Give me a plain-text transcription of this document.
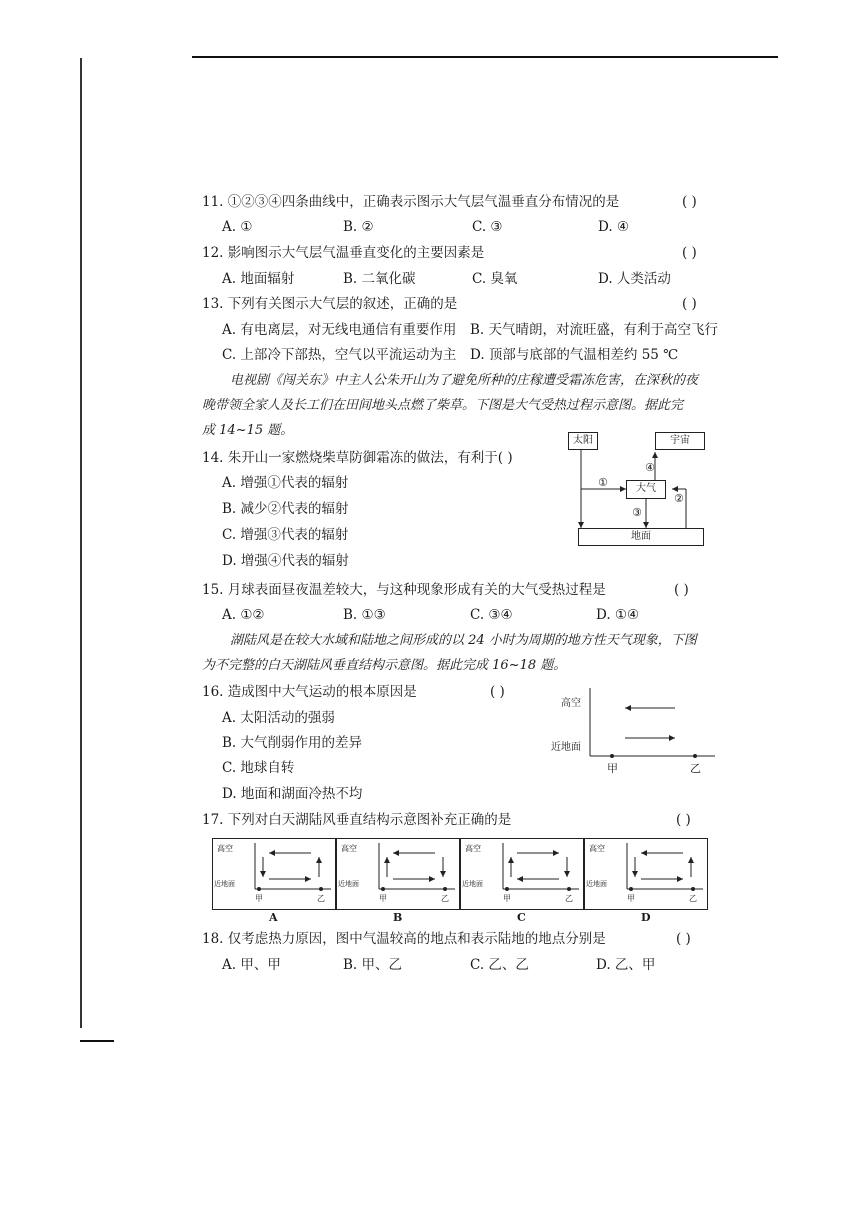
11. ①②③④四条曲线中，正确表示图示大气层气温垂直分布情况的是	( )
A. ①	B. ②	C. ③	D. ④
12. 影响图示大气层气温垂直变化的主要因素是	( )
A. 地面辐射	B. 二氧化碳	C. 臭氧	D. 人类活动
13. 下列有关图示大气层的叙述，正确的是	( )
A. 有电离层，对无线电通信有重要作用 B. 天气晴朗，对流旺盛，有利于高空飞行
C. 上部冷下部热，空气以平流运动为主 D. 顶部与底部的气温相差约 55 ℃
电视剧《闯关东》中主人公朱开山为了避免所种的庄稼遭受霜冻危害，在深秋的夜
晚带领全家人及长工们在田间地头点燃了柴草。下图是大气受热过程示意图。据此完
成 14~15 题。
14. 朱开山一家燃烧柴草防御霜冻的做法，有利于( )
A. 增强①代表的辐射
B. 减少②代表的辐射
C. 增强③代表的辐射
D. 增强④代表的辐射
太阳	宇宙
大气
地面
①
②
③
④
15. 月球表面昼夜温差较大，与这种现象形成有关的大气受热过程是	( )
A. ①②	B. ①③	C. ③④	D. ①④
湖陆风是在较大水域和陆地之间形成的以 24 小时为周期的地方性天气现象，下图
为不完整的白天湖陆风垂直结构示意图。据此完成 16~18 题。
16. 造成图中大气运动的根本原因是	( )
A. 太阳活动的强弱
B. 大气削弱作用的差异
C. 地球自转
D. 地面和湖面冷热不均
高空
近地面
甲	乙
17. 下列对白天湖陆风垂直结构示意图补充正确的是	( )
高空
近地面
甲	乙
A
高空
近地面
甲	乙
B
高空
近地面
甲	乙
C
高空
近地面
甲	乙
D
18. 仅考虑热力原因，图中气温较高的地点和表示陆地的地点分别是	( )
A. 甲、甲	B. 甲、乙	C. 乙、乙	D. 乙、甲
